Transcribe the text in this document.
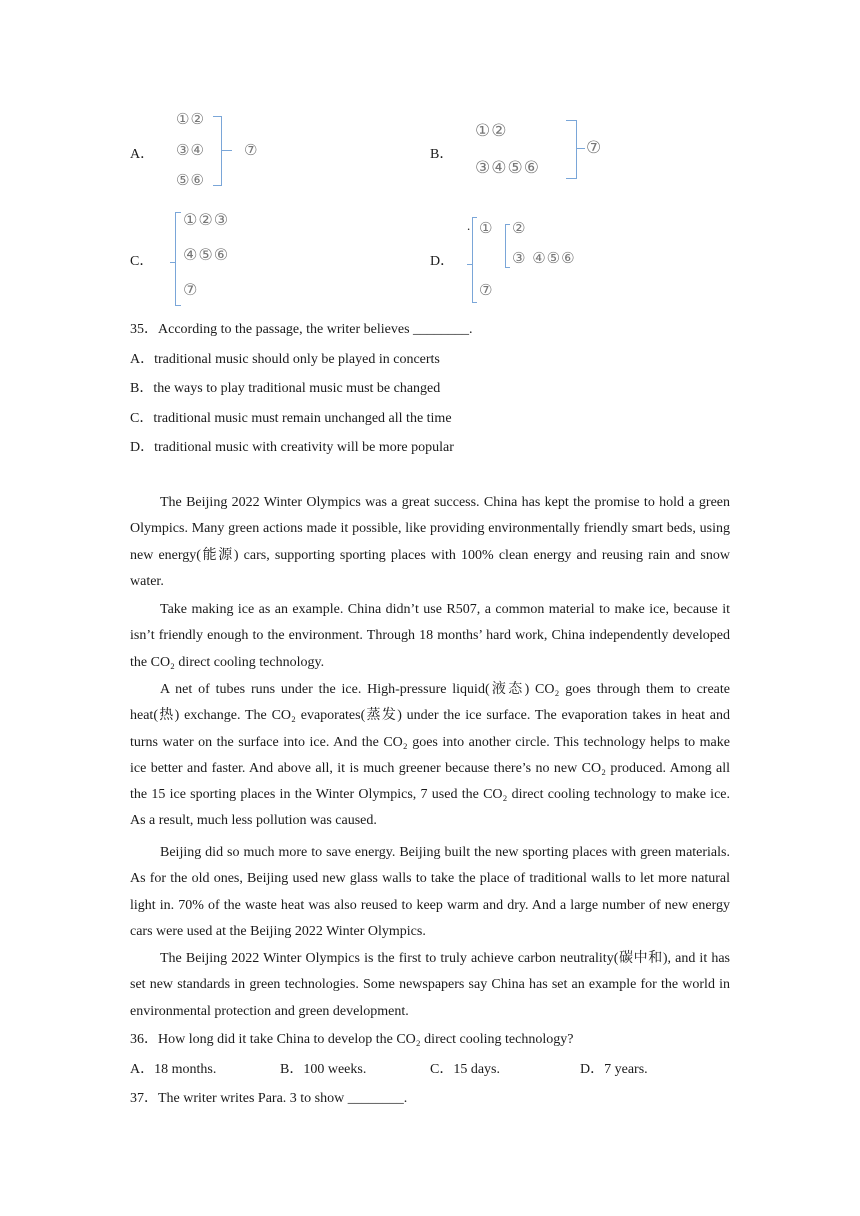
A．
①②
③④
⑤⑥
⑦	B．
①②
③④⑤⑥
⑦
C．
①②③
④⑤⑥
⑦
D．
. ① ②
③ ④⑤⑥
⑦
35．According to the passage, the writer believes ________.
A．traditional music should only be played in concerts
B．the ways to play traditional music must be changed
C．traditional music must remain unchanged all the time
D．traditional music with creativity will be more popular
The Beijing 2022 Winter Olympics was a great success. China has kept the promise to hold a green Olympics. Many green actions made it possible, like providing environmentally friendly smart beds, using new energy(能源) cars, supporting sporting places with 100% clean energy and reusing rain and snow water.
Take making ice as an example. China didn’t use R507, a common material to make ice, because it isn’t friendly enough to the environment. Through 18 months’ hard work, China independently developed the CO₂ direct cooling technology.
A net of tubes runs under the ice. High-pressure liquid(液态) CO₂ goes through them to create heat(热) exchange. The CO₂ evaporates(蒸发) under the ice surface. The evaporation takes in heat and turns water on the surface into ice. And the CO₂ goes into another circle. This technology helps to make ice better and faster. And above all, it is much greener because there’s no new CO₂ produced. Among all the 15 ice sporting places in the Winter Olympics, 7 used the CO₂ direct cooling technology to make ice. As a result, much less pollution was caused.
Beijing did so much more to save energy. Beijing built the new sporting places with green materials. As for the old ones, Beijing used new glass walls to take the place of traditional walls to let more natural light in. 70% of the waste heat was also reused to keep warm and dry. And a large number of new energy cars were used at the Beijing 2022 Winter Olympics.
The Beijing 2022 Winter Olympics is the first to truly achieve carbon neutrality(碳中和), and it has set new standards in green technologies. Some newspapers say China has set an example for the world in environmental protection and green development.
36．How long did it take China to develop the CO₂ direct cooling technology?
A．18 months.	B．100 weeks.	C．15 days.	D．7 years.
37．The writer writes Para. 3 to show ________.
